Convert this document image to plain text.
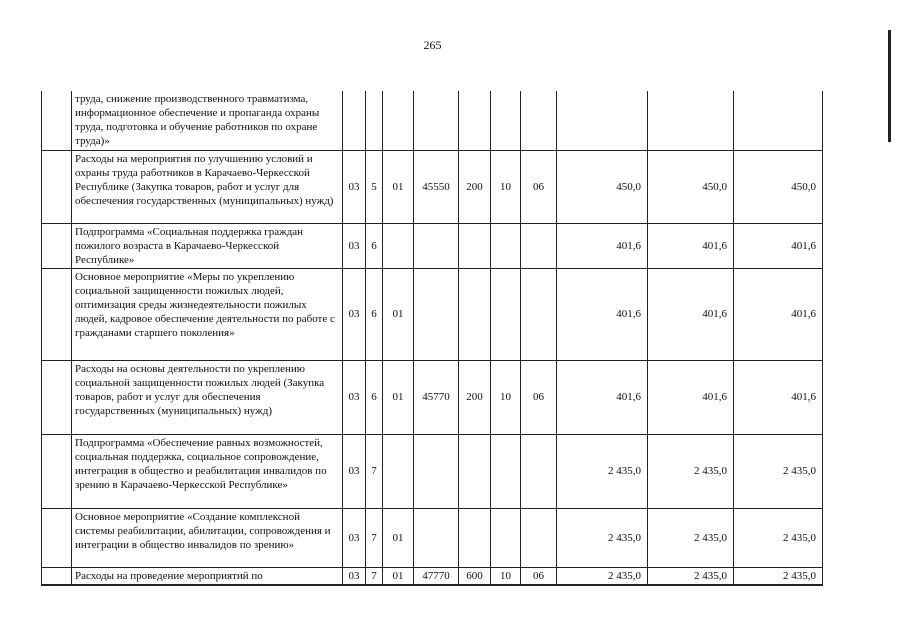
265
	труда, снижение производственного травматизма, информационное обеспечение и пропаганда охраны труда, подготовка и обучение работников по охране труда)»										
	Расходы на мероприятия по улучшению условий и охраны труда работников в Карачаево-Черкесской Республике (Закупка товаров, работ и услуг для обеспечения государственных (муниципальных) нужд)	03	5	01	45550	200	10	06	450,0	450,0	450,0
	Подпрограмма «Социальная поддержка граждан пожилого возраста в Карачаево-Черкесской Республике»	03	6						401,6	401,6	401,6
	Основное мероприятие «Меры по укреплению социальной защищенности пожилых людей, оптимизация среды жизнедеятельности пожилых людей, кадровое обеспечение деятельности по работе с гражданами старшего поколения»	03	6	01					401,6	401,6	401,6
	Расходы на основы деятельности по укреплению социальной защищенности пожилых людей (Закупка товаров, работ и услуг для обеспечения государственных (муниципальных) нужд)	03	6	01	45770	200	10	06	401,6	401,6	401,6
	Подпрограмма «Обеспечение равных возможностей, социальная поддержка, социальное сопровождение, интеграция в общество и реабилитация инвалидов по зрению в Карачаево-Черкесской Республике»	03	7						2 435,0	2 435,0	2 435,0
	Основное мероприятие «Создание комплексной системы реабилитации, абилитации, сопровождения и интеграции в общество инвалидов по зрению»	03	7	01					2 435,0	2 435,0	2 435,0
	Расходы на проведение мероприятий по	03	7	01	47770	600	10	06	2 435,0	2 435,0	2 435,0
